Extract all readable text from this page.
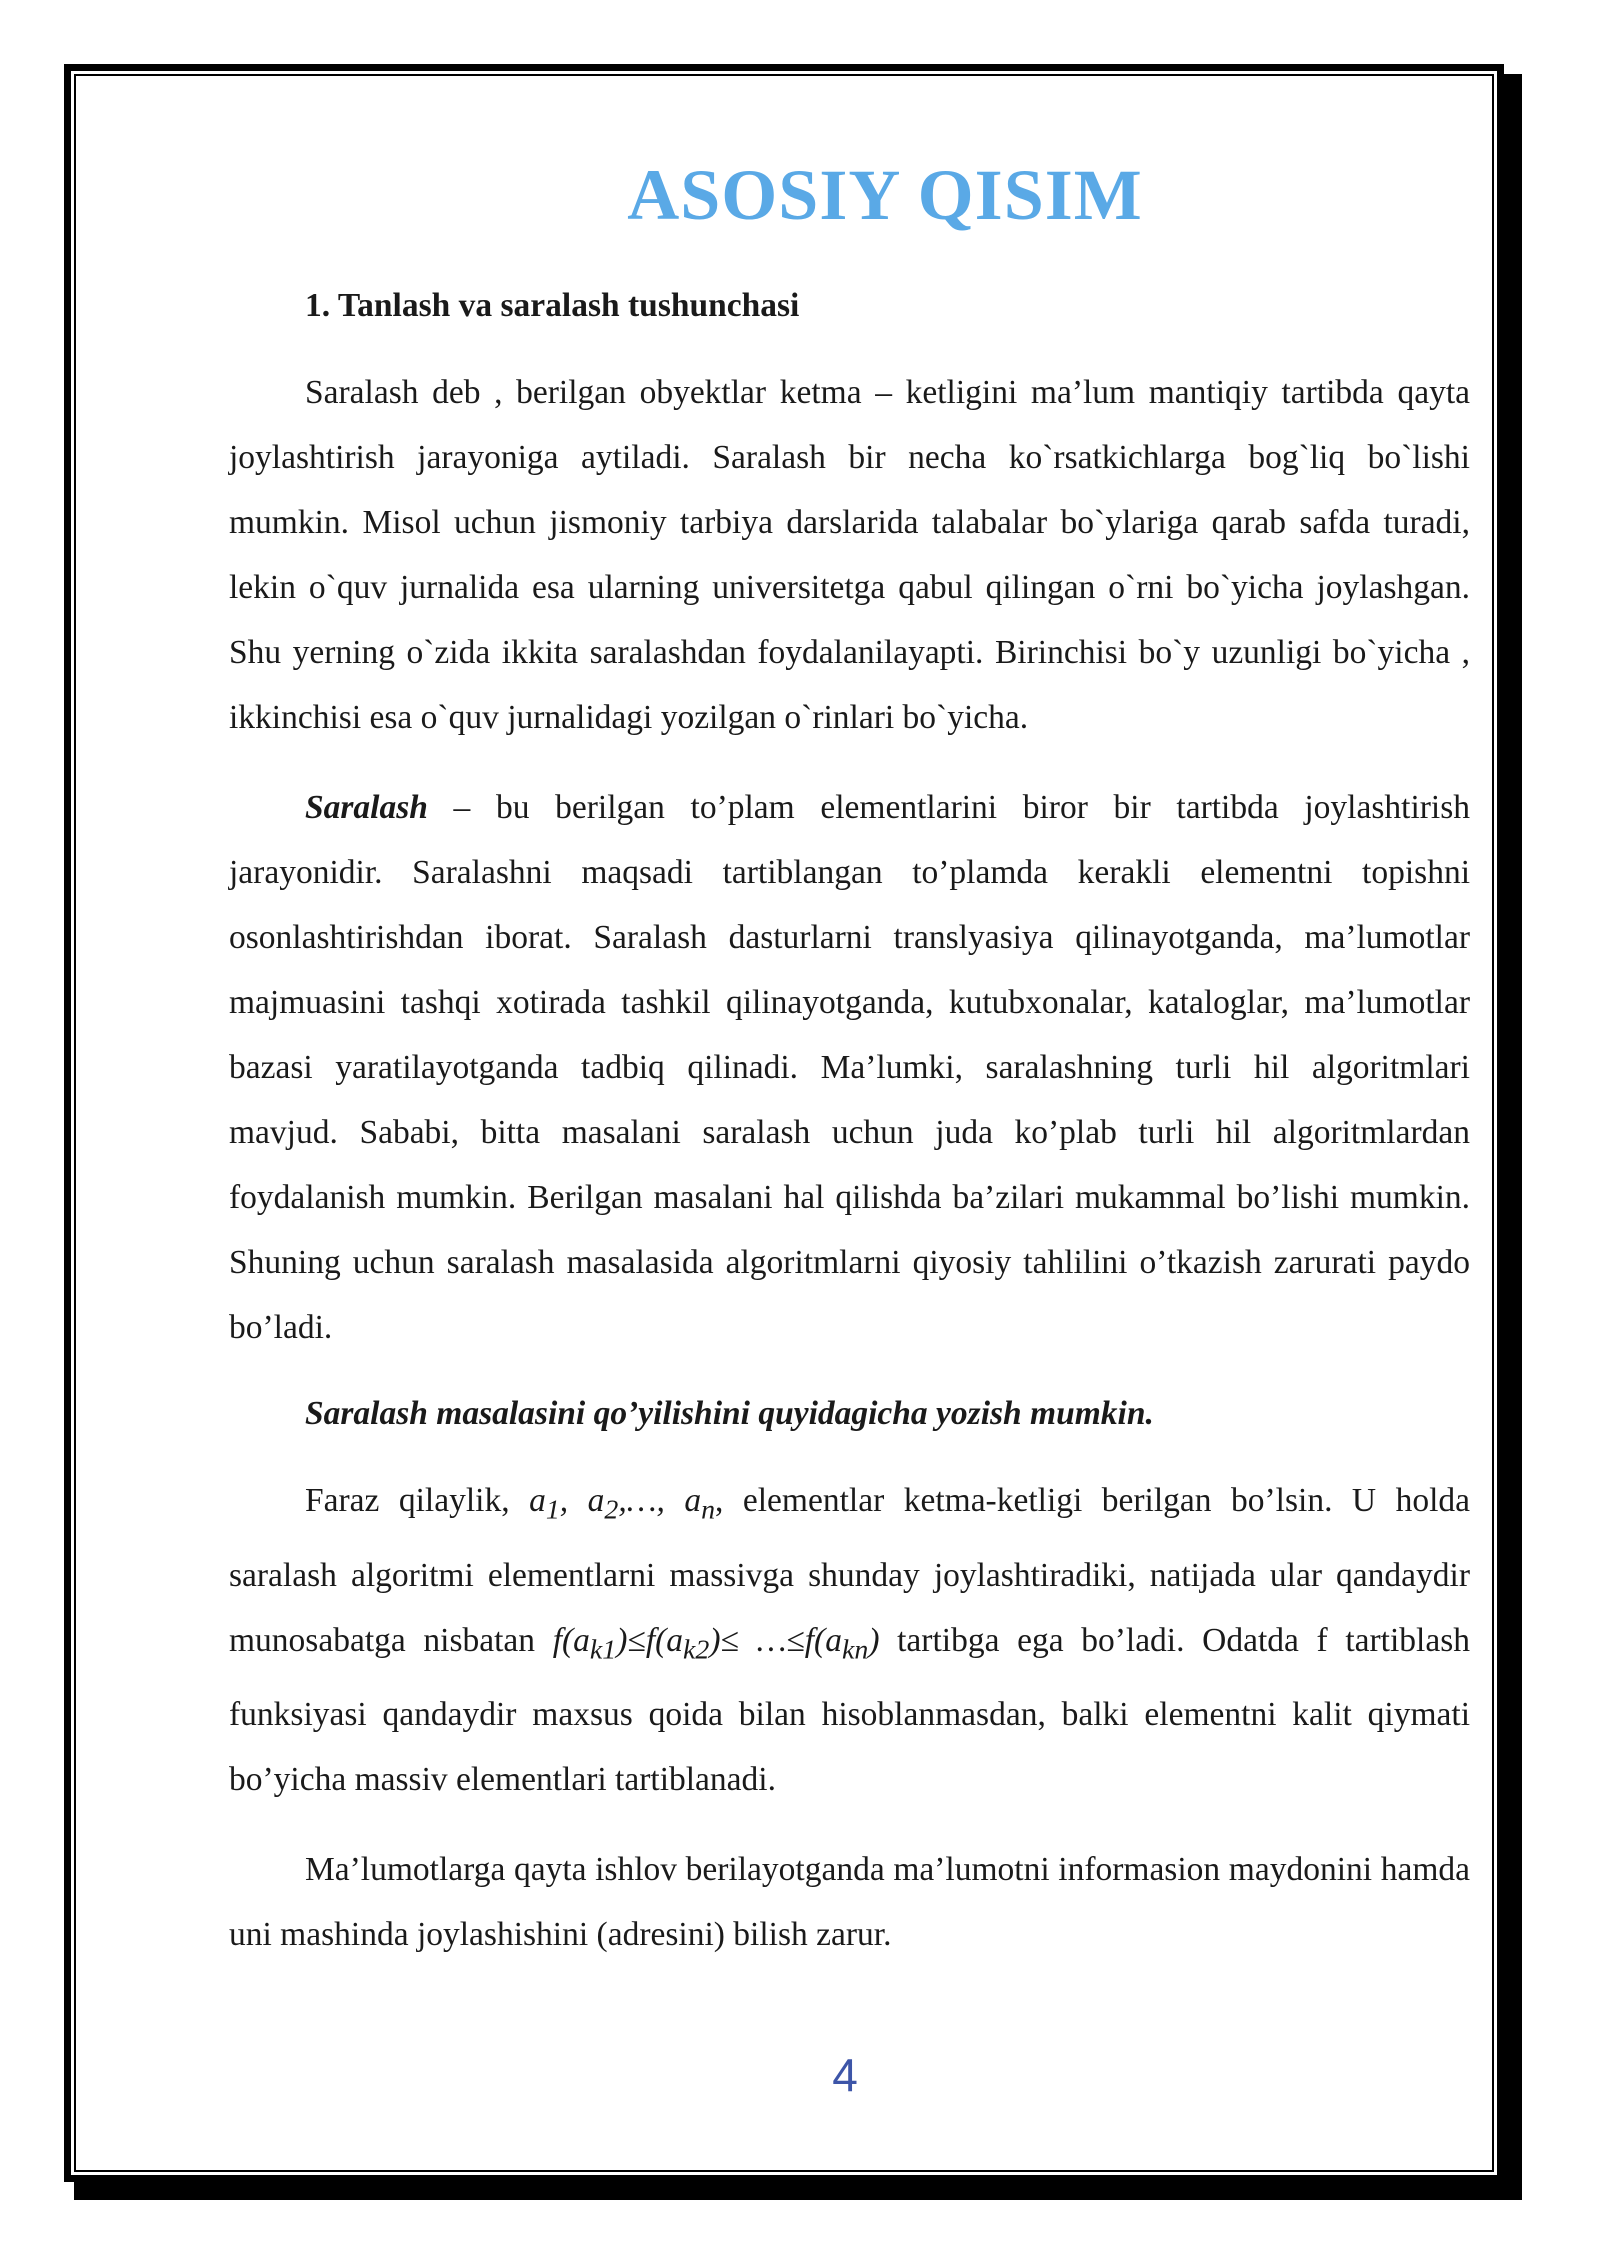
ASOSIY QISIM

1. Tanlash va saralash tushunchasi

Saralash deb , berilgan obyektlar ketma – ketligini ma’lum mantiqiy tartibda qayta joylashtirish jarayoniga aytiladi. Saralash bir necha ko`rsatkichlarga bog`liq bo`lishi mumkin. Misol uchun jismoniy tarbiya darslarida talabalar bo`ylariga qarab safda turadi, lekin o`quv jurnalida esa ularning universitetga qabul qilingan o`rni bo`yicha joylashgan. Shu yerning o`zida ikkita saralashdan foydalanilayapti. Birinchisi bo`y uzunligi bo`yicha , ikkinchisi esa o`quv jurnalidagi yozilgan o`rinlari bo`yicha.

Saralash – bu berilgan to’plam elementlarini biror bir tartibda joylashtirish jarayonidir. Saralashni maqsadi tartiblangan to’plamda kerakli elementni topishni osonlashtirishdan iborat. Saralash dasturlarni translyasiya qilinayotganda, ma’lumotlar majmuasini tashqi xotirada tashkil qilinayotganda, kutubxonalar, kataloglar, ma’lumotlar bazasi yaratilayotganda tadbiq qilinadi. Ma’lumki, saralashning turli hil algoritmlari mavjud. Sababi, bitta masalani saralash uchun juda ko’plab turli hil algoritmlardan foydalanish mumkin. Berilgan masalani hal qilishda ba’zilari mukammal bo’lishi mumkin. Shuning uchun saralash masalasida algoritmlarni qiyosiy tahlilini o’tkazish zarurati paydo bo’ladi.

Saralash masalasini qo’yilishini quyidagicha yozish mumkin.

Faraz qilaylik, $a_1$, $a_2,\dots$, $a_n$, elementlar ketma-ketligi berilgan bo’lsin. U holda saralash algoritmi elementlarni massivga shunday joylashtiradiki, natijada ular qandaydir munosabatga nisbatan $f(a_{k1})\le f(a_{k2})\le$ $\dots\le f(a_{kn})$ tartibga ega bo’ladi. Odatda f tartiblash funksiyasi qandaydir maxsus qoida bilan hisoblanmasdan, balki elementni kalit qiymati bo’yicha massiv elementlari tartiblanadi.

Ma’lumotlarga qayta ishlov berilayotganda ma’lumotni informasion maydonini hamda uni mashinda joylashishini (adresini) bilish zarur.

4
